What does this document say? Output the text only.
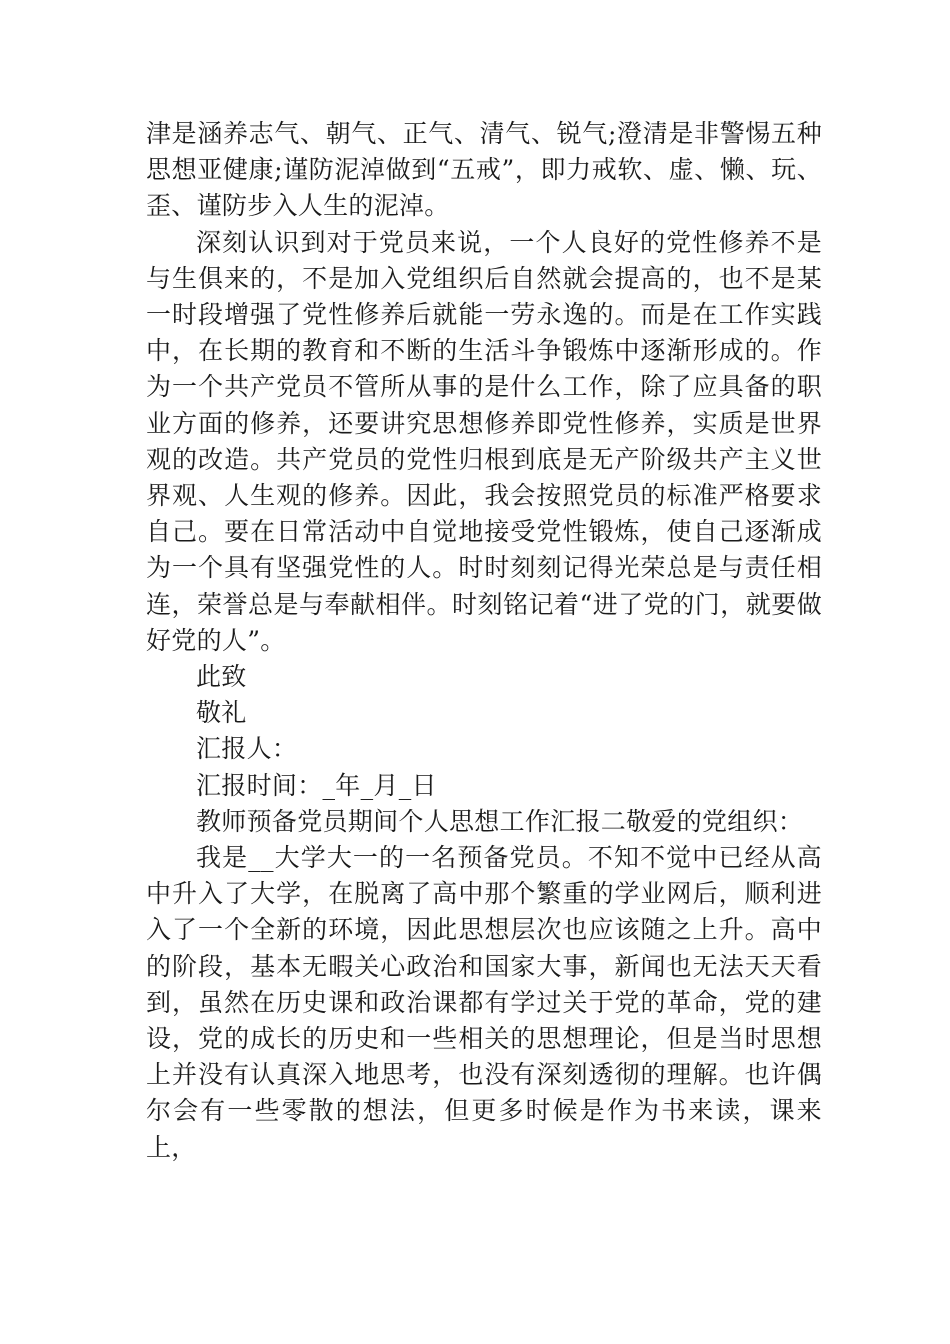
津是涵养志气、朝气、正气、清气、锐气;澄清是非警惕五种思想亚健康;谨防泥淖做到“五戒”，即力戒软、虚、懒、玩、歪、谨防步入人生的泥淖。

深刻认识到对于党员来说，一个人良好的党性修养不是与生俱来的，不是加入党组织后自然就会提高的，也不是某一时段增强了党性修养后就能一劳永逸的。而是在工作实践中，在长期的教育和不断的生活斗争锻炼中逐渐形成的。作为一个共产党员不管所从事的是什么工作，除了应具备的职业方面的修养，还要讲究思想修养即党性修养，实质是世界观的改造。共产党员的党性归根到底是无产阶级共产主义世界观、人生观的修养。因此，我会按照党员的标准严格要求自己。要在日常活动中自觉地接受党性锻炼，使自己逐渐成为一个具有坚强党性的人。时时刻刻记得光荣总是与责任相连，荣誉总是与奉献相伴。时刻铭记着“进了党的门，就要做好党的人”。

此致

敬礼

汇报人：

汇报时间：_年_月_日

教师预备党员期间个人思想工作汇报二敬爱的党组织：

我是__大学大一的一名预备党员。不知不觉中已经从高中升入了大学，在脱离了高中那个繁重的学业网后，顺利进入了一个全新的环境，因此思想层次也应该随之上升。高中的阶段，基本无暇关心政治和国家大事，新闻也无法天天看到，虽然在历史课和政治课都有学过关于党的革命，党的建设，党的成长的历史和一些相关的思想理论，但是当时思想上并没有认真深入地思考，也没有深刻透彻的理解。也许偶尔会有一些零散的想法，但更多时候是作为书来读，课来上，
